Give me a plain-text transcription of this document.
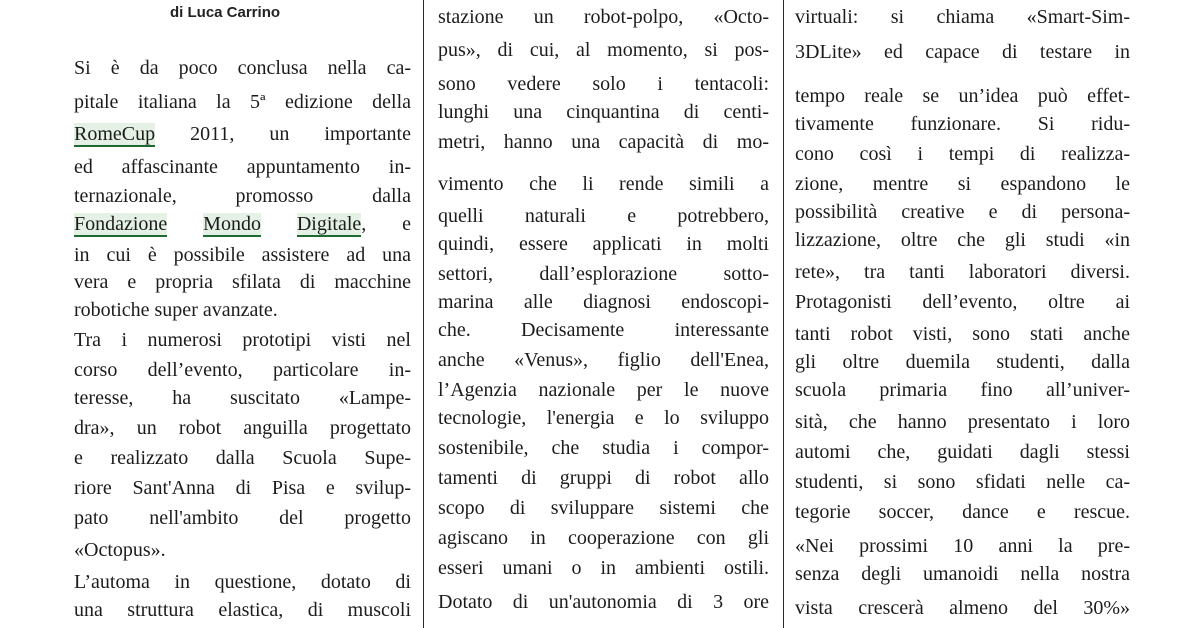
di Luca Carrino
Si è da poco conclusa nella ca-
pitale italiana la 5ª edizione della
RomeCup 2011, un importante
ed affascinante appuntamento in-
ternazionale, promosso dalla
Fondazione Mondo Digitale, e
in cui è possibile assistere ad una
vera e propria sfilata di macchine
robotiche super avanzate.
Tra i numerosi prototipi visti nel
corso dell’evento, particolare in-
teresse, ha suscitato «Lampe-
dra», un robot anguilla progettato
e realizzato dalla Scuola Supe-
riore Sant'Anna di Pisa e svilup-
pato nell'ambito del progetto
«Octopus».
L’automa in questione, dotato di
una struttura elastica, di muscoli
stazione un robot-polpo, «Octo-
pus», di cui, al momento, si pos-
sono vedere solo i tentacoli:
lunghi una cinquantina di centi-
metri, hanno una capacità di mo-
vimento che li rende simili a
quelli naturali e potrebbero,
quindi, essere applicati in molti
settori, dall’esplorazione sotto-
marina alle diagnosi endoscopi-
che. Decisamente interessante
anche «Venus», figlio dell'Enea,
l’Agenzia nazionale per le nuove
tecnologie, l'energia e lo sviluppo
sostenibile, che studia i compor-
tamenti di gruppi di robot allo
scopo di sviluppare sistemi che
agiscano in cooperazione con gli
esseri umani o in ambienti ostili.
Dotato di un'autonomia di 3 ore
virtuali: si chiama «Smart-Sim-
3DLite» ed capace di testare in
tempo reale se un’idea può effet-
tivamente funzionare. Si ridu-
cono così i tempi di realizza-
zione, mentre si espandono le
possibilità creative e di persona-
lizzazione, oltre che gli studi «in
rete», tra tanti laboratori diversi.
Protagonisti dell’evento, oltre ai
tanti robot visti, sono stati anche
gli oltre duemila studenti, dalla
scuola primaria fino all’univer-
sità, che hanno presentato i loro
automi che, guidati dagli stessi
studenti, si sono sfidati nelle ca-
tegorie soccer, dance e rescue.
«Nei prossimi 10 anni la pre-
senza degli umanoidi nella nostra
vista crescerà almeno del 30%»
